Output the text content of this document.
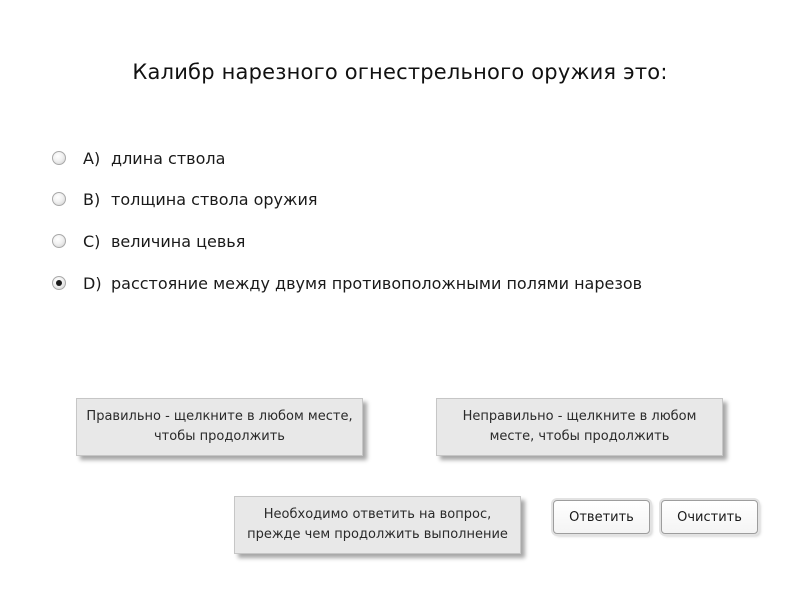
Калибр нарезного огнестрельного оружия это:
A) длина ствола
B) толщина ствола оружия
C) величина цевья
D) расстояние между двумя противоположными полями нарезов
Правильно - щелкните в любом месте, чтобы продолжить
Неправильно - щелкните в любом месте, чтобы продолжить
Необходимо ответить на вопрос, прежде чем продолжить выполнение
Ответить	Очистить
